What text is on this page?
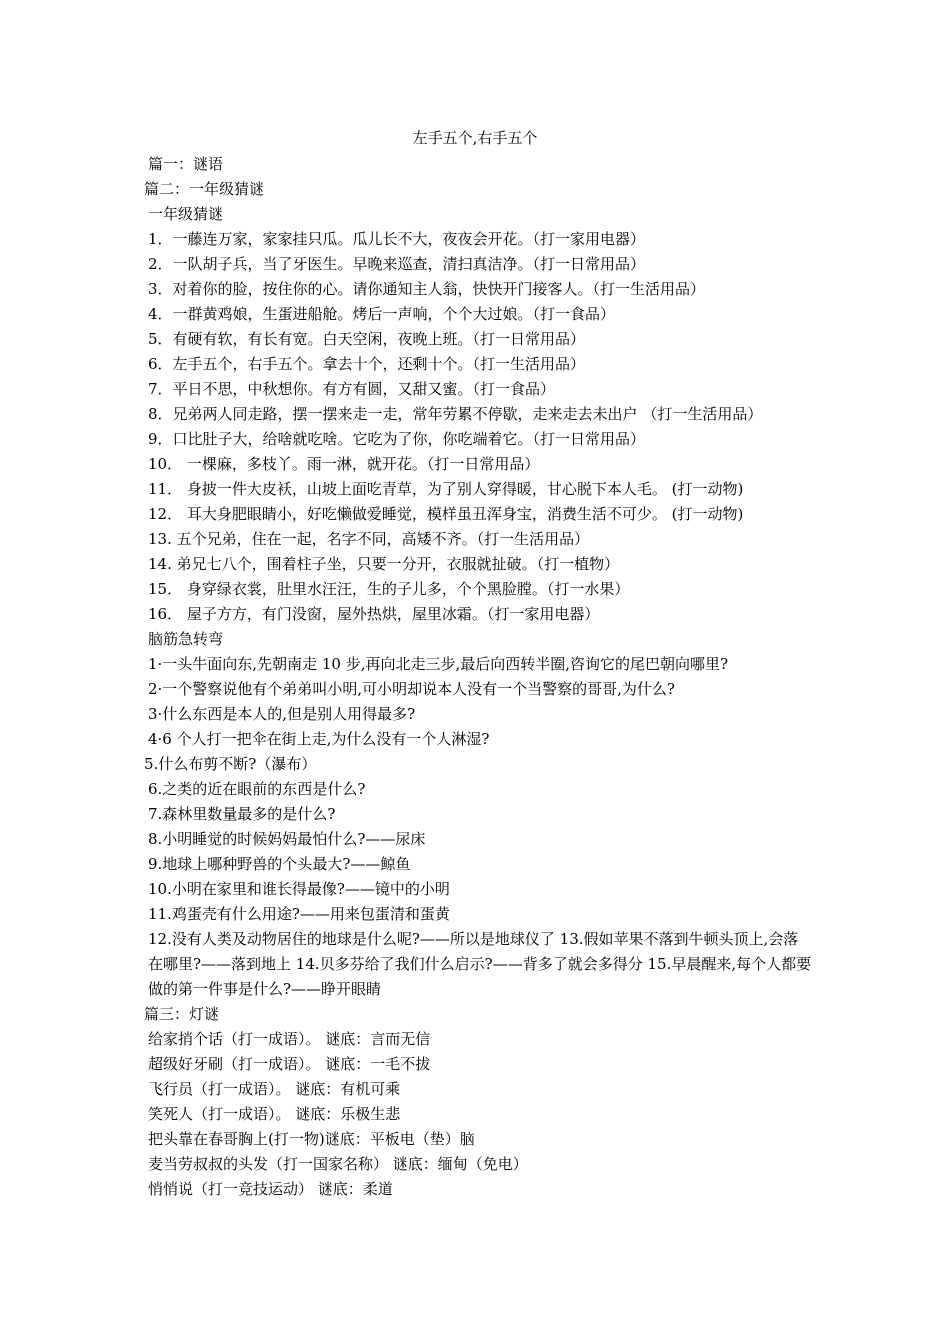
左手五个,右手五个
篇一：谜语
篇二：一年级猜谜
一年级猜谜
1．一藤连万家，家家挂只瓜。瓜儿长不大，夜夜会开花。（打一家用电器）
2．一队胡子兵，当了牙医生。早晚来巡查，清扫真洁净。（打一日常用品）
3．对着你的脸，按住你的心。请你通知主人翁，快快开门接客人。（打一生活用品）
4．一群黄鸡娘，生蛋进船舱。烤后一声响，个个大过娘。（打一食品）
5．有硬有软，有长有宽。白天空闲，夜晚上班。（打一日常用品）
6．左手五个，右手五个。拿去十个，还剩十个。（打一生活用品）
7．平日不思，中秋想你。有方有圆，又甜又蜜。（打一食品）
8．兄弟两人同走路，摆一摆来走一走，常年劳累不停歇，走来走去未出户 （打一生活用品）
9．口比肚子大，给啥就吃啥。它吃为了你，你吃端着它。（打一日常用品）
10． 一棵麻，多枝丫。雨一淋，就开花。（打一日常用品）
11． 身披一件大皮袄，山坡上面吃青草，为了别人穿得暖，甘心脱下本人毛。 (打一动物)
12． 耳大身肥眼睛小，好吃懒做爱睡觉，模样虽丑浑身宝，消费生活不可少。 (打一动物)
13. 五个兄弟，住在一起，名字不同，高矮不齐。（打一生活用品）
14. 弟兄七八个，围着柱子坐，只要一分开，衣服就扯破。（打一植物）
15． 身穿绿衣裳，肚里水汪汪，生的子儿多，个个黑脸膛。（打一水果）
16． 屋子方方，有门没窗，屋外热烘，屋里冰霜。（打一家用电器）
脑筋急转弯
1·一头牛面向东,先朝南走 10 步,再向北走三步,最后向西转半圈,咨询它的尾巴朝向哪里?
2·一个警察说他有个弟弟叫小明,可小明却说本人没有一个当警察的哥哥,为什么?
3·什么东西是本人的,但是别人用得最多?
4·6 个人打一把伞在街上走,为什么没有一个人淋湿?
5.什么布剪不断?（瀑布）
6.之类的近在眼前的东西是什么?
7.森林里数量最多的是什么?
8.小明睡觉的时候妈妈最怕什么?——尿床
9.地球上哪种野兽的个头最大?——鲸鱼
10.小明在家里和谁长得最像?——镜中的小明
11.鸡蛋壳有什么用途?——用来包蛋清和蛋黄
12.没有人类及动物居住的地球是什么呢?——所以是地球仪了 13.假如苹果不落到牛顿头顶上,会落在哪里?——落到地上 14.贝多芬给了我们什么启示?——背多了就会多得分 15.早晨醒来,每个人都要做的第一件事是什么?——睁开眼睛
篇三：灯谜
给家捎个话（打一成语）。 谜底：言而无信
超级好牙刷（打一成语）。 谜底：一毛不拔
飞行员（打一成语）。 谜底：有机可乘
笑死人（打一成语）。 谜底：乐极生悲
把头靠在春哥胸上(打一物)谜底：平板电（垫）脑
麦当劳叔叔的头发（打一国家名称） 谜底：缅甸（免电）
悄悄说（打一竞技运动） 谜底：柔道
